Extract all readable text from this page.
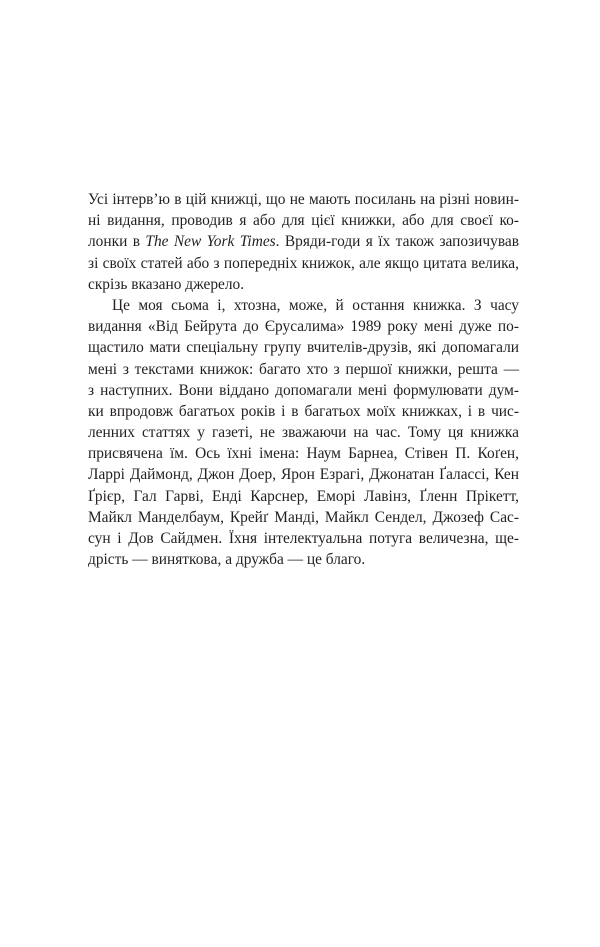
Усі інтерв’ю в цій книжці, що не мають посилань на різні новин-
ні видання, проводив я або для цієї книжки, або для своєї ко-
лонки в The New York Times. Вряди-годи я їх також запозичував
зі своїх статей або з попередніх книжок, але якщо цитата велика,
скрізь вказано джерело.
Це моя сьома і, хтозна, може, й остання книжка. З часу
видання «Від Бейрута до Єрусалима» 1989 року мені дуже по-
щастило мати спеціальну групу вчителів-друзів, які допомагали
мені з текстами книжок: багато хто з першої книжки, решта —
з наступних. Вони віддано допомагали мені формулювати дум-
ки впродовж багатьох років і в багатьох моїх книжках, і в чис-
ленних статтях у газеті, не зважаючи на час. Тому ця книжка
присвячена їм. Ось їхні імена: Наум Барнеа, Стівен П. Коґен,
Ларрі Даймонд, Джон Доер, Ярон Езрагі, Джонатан Ґаласcі, Кен
Ґрієр, Гал Гарві, Енді Карснер, Еморі Лавінз, Ґленн Прікетт,
Майкл Манделбаум, Крейґ Манді, Майкл Сендел, Джозеф Сас-
сун і Дов Сайдмен. Їхня інтелектуальна потуга величезна, ще-
дрість — винятковa, а дружба — це благо.
